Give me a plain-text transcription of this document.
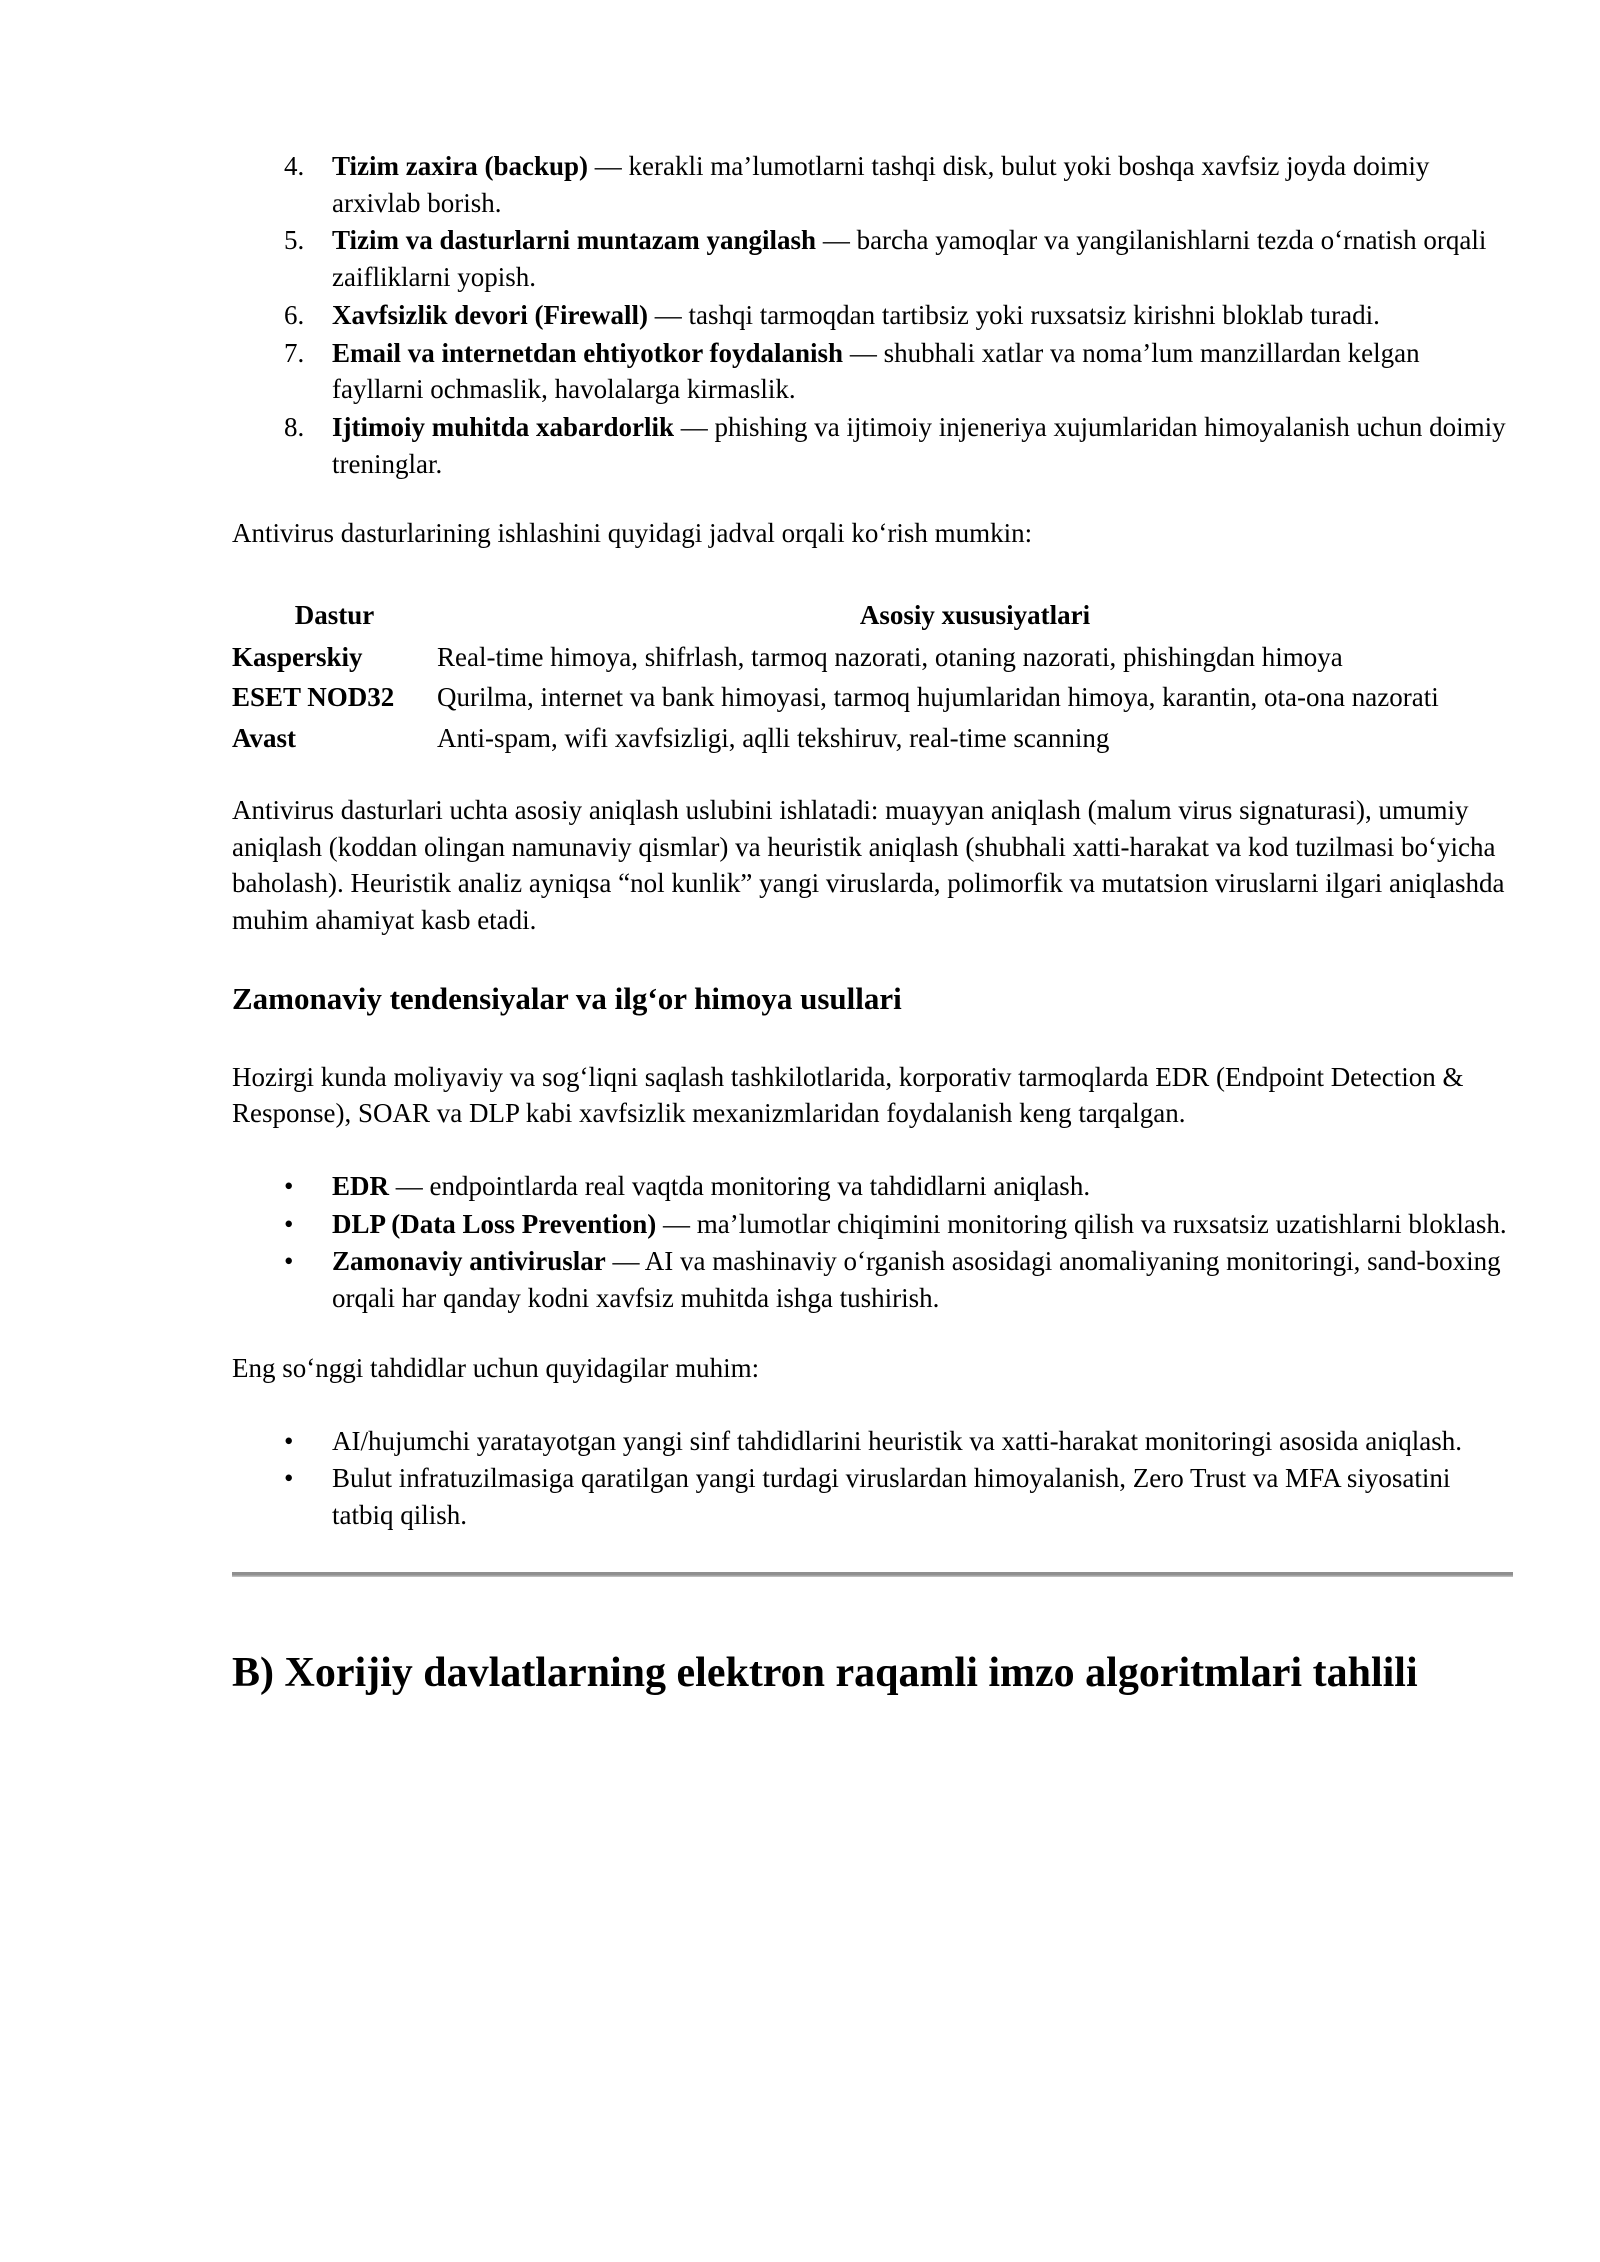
4.	Tizim zaxira (backup) — kerakli ma’lumotlarni tashqi disk, bulut yoki boshqa xavfsiz joyda doimiy arxivlab borish.
5.	Tizim va dasturlarni muntazam yangilash — barcha yamoqlar va yangilanishlarni tezda o‘rnatish orqali zaifliklarni yopish.
6.	Xavfsizlik devori (Firewall) — tashqi tarmoqdan tartibsiz yoki ruxsatsiz kirishni bloklab turadi.
7.	Email va internetdan ehtiyotkor foydalanish — shubhali xatlar va noma’lum manzillardan kelgan fayllarni ochmaslik, havolalarga kirmaslik.
8.	Ijtimoiy muhitda xabardorlik — phishing va ijtimoiy injeneriya xujumlaridan himoyalanish uchun doimiy treninglar.

Antivirus dasturlarining ishlashini quyidagi jadval orqali ko‘rish mumkin:

Dastur	Asosiy xususiyatlari
Kasperskiy	Real-time himoya, shifrlash, tarmoq nazorati, otaning nazorati, phishingdan himoya
ESET NOD32	Qurilma, internet va bank himoyasi, tarmoq hujumlaridan himoya, karantin, ota-ona nazorati
Avast	Anti-spam, wifi xavfsizligi, aqlli tekshiruv, real-time scanning

Antivirus dasturlari uchta asosiy aniqlash uslubini ishlatadi: muayyan aniqlash (malum virus signaturasi), umumiy aniqlash (koddan olingan namunaviy qismlar) va heuristik aniqlash (shubhali xatti-harakat va kod tuzilmasi bo‘yicha baholash). Heuristik analiz ayniqsa “nol kunlik” yangi viruslarda, polimorfik va mutatsion viruslarni ilgari aniqlashda muhim ahamiyat kasb etadi.

Zamonaviy tendensiyalar va ilg‘or himoya usullari

Hozirgi kunda moliyaviy va sog‘liqni saqlash tashkilotlarida, korporativ tarmoqlarda EDR (Endpoint Detection & Response), SOAR va DLP kabi xavfsizlik mexanizmlaridan foydalanish keng tarqalgan.

•	EDR — endpointlarda real vaqtda monitoring va tahdidlarni aniqlash.
•	DLP (Data Loss Prevention) — ma’lumotlar chiqimini monitoring qilish va ruxsatsiz uzatishlarni bloklash.
•	Zamonaviy antiviruslar — AI va mashinaviy o‘rganish asosidagi anomaliyaning monitoringi, sand-boxing orqali har qanday kodni xavfsiz muhitda ishga tushirish.

Eng so‘nggi tahdidlar uchun quyidagilar muhim:

•	AI/hujumchi yaratayotgan yangi sinf tahdidlarini heuristik va xatti-harakat monitoringi asosida aniqlash.
•	Bulut infratuzilmasiga qaratilgan yangi turdagi viruslardan himoyalanish, Zero Trust va MFA siyosatini tatbiq qilish.
B) Xorijiy davlatlarning elektron raqamli imzo algoritmlari tahlili
